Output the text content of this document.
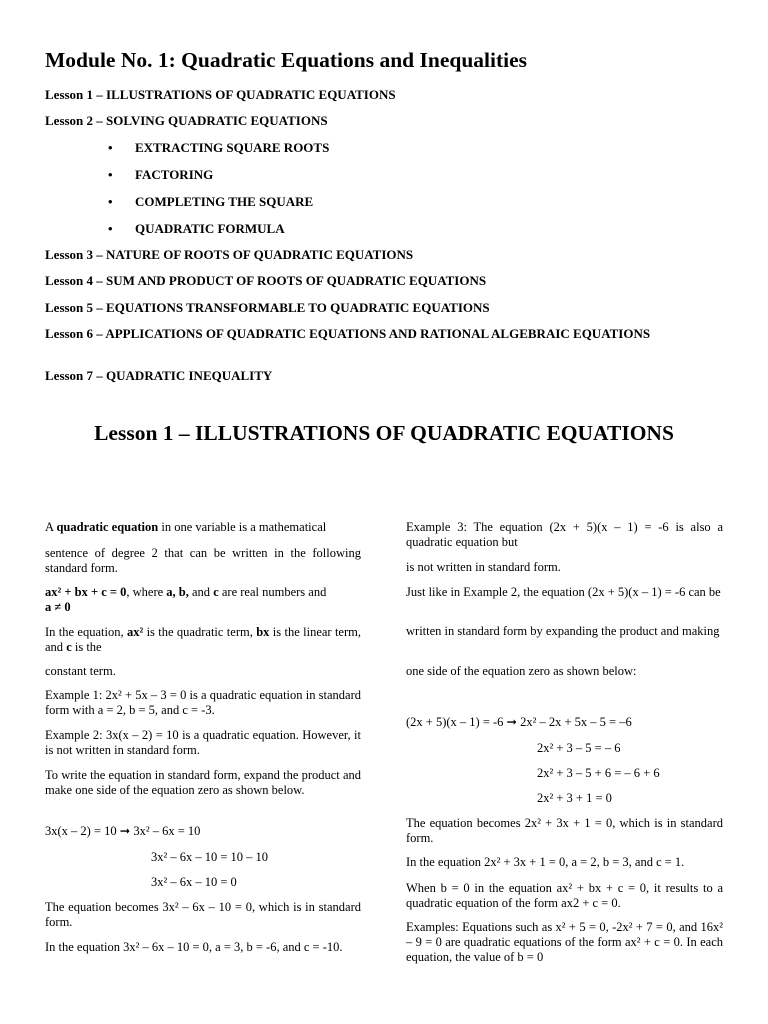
Module No. 1: Quadratic Equations and Inequalities
Lesson 1 – ILLUSTRATIONS OF QUADRATIC EQUATIONS
Lesson 2 – SOLVING QUADRATIC EQUATIONS
• EXTRACTING SQUARE ROOTS
• FACTORING
• COMPLETING THE SQUARE
• QUADRATIC FORMULA
Lesson 3 – NATURE OF ROOTS OF QUADRATIC EQUATIONS
Lesson 4 – SUM AND PRODUCT OF ROOTS OF QUADRATIC EQUATIONS
Lesson 5 – EQUATIONS TRANSFORMABLE TO QUADRATIC EQUATIONS
Lesson 6 – APPLICATIONS OF QUADRATIC EQUATIONS AND RATIONAL ALGEBRAIC EQUATIONS
Lesson 7 – QUADRATIC INEQUALITY
Lesson 1 – ILLUSTRATIONS OF QUADRATIC EQUATIONS
A quadratic equation in one variable is a mathematical
sentence of degree 2 that can be written in the following standard form.
ax² + bx + c = 0, where a, b, and c are real numbers and
a ≠ 0
In the equation, ax² is the quadratic term, bx is the linear term, and c is the
constant term.
Example 1: 2x² + 5x – 3 = 0 is a quadratic equation in standard form with a = 2, b = 5, and c = -3.
Example 2: 3x(x – 2) = 10 is a quadratic equation. However, it is not written in standard form.
To write the equation in standard form, expand the product and make one side of the equation zero as shown below.
3x(x – 2) = 10 ➞ 3x² – 6x = 10
3x² – 6x – 10 = 10 – 10
3x² – 6x – 10 = 0
The equation becomes 3x² – 6x – 10 = 0, which is in standard form.
In the equation 3x² – 6x – 10 = 0, a = 3, b = -6, and c = -10.
Example 3: The equation (2x + 5)(x – 1) = -6 is also a quadratic equation but
is not written in standard form.
Just like in Example 2, the equation (2x + 5)(x – 1) = -6 can be
written in standard form by expanding the product and making
one side of the equation zero as shown below:
(2x + 5)(x – 1) = -6 ➞ 2x² – 2x + 5x – 5 = –6
2x² + 3 – 5 = – 6
2x² + 3 – 5 + 6 = – 6 + 6
2x² + 3 + 1 = 0
The equation becomes 2x² + 3x + 1 = 0, which is in standard form.
In the equation 2x² + 3x + 1 = 0, a = 2, b = 3, and c = 1.
When b = 0 in the equation ax² + bx + c = 0, it results to a quadratic equation of the form ax2 + c = 0.
Examples: Equations such as x² + 5 = 0, -2x² + 7 = 0, and 16x² – 9 = 0 are quadratic equations of the form ax² + c = 0. In each equation, the value of b = 0
